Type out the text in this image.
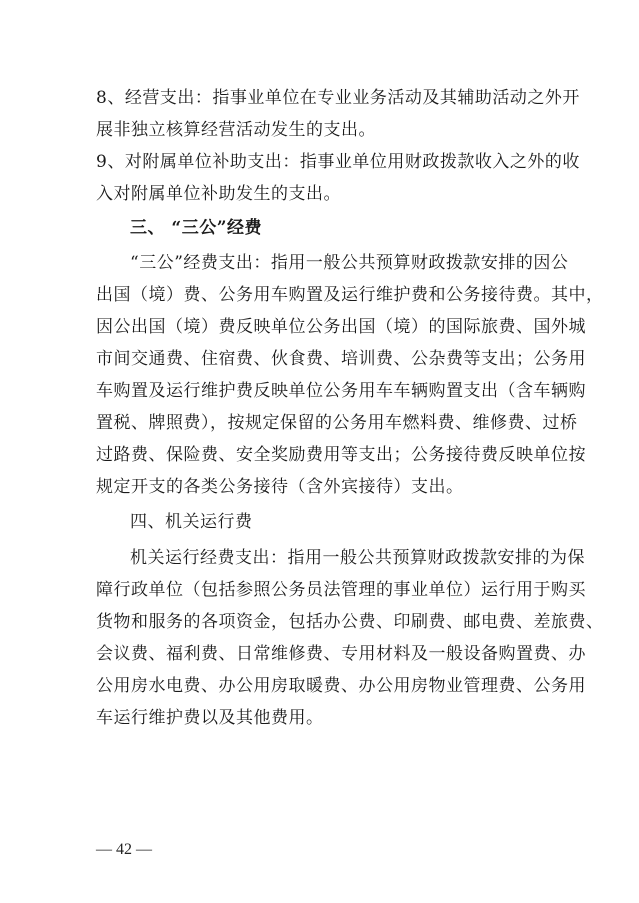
8、经营支出：指事业单位在专业业务活动及其辅助活动之外开
展非独立核算经营活动发生的支出。
9、对附属单位补助支出：指事业单位用财政拨款收入之外的收
入对附属单位补助发生的支出。
三、 “三公”经费
“三公”经费支出：指用一般公共预算财政拨款安排的因公
出国（境）费、公务用车购置及运行维护费和公务接待费。其中，
因公出国（境）费反映单位公务出国（境）的国际旅费、国外城
市间交通费、住宿费、伙食费、培训费、公杂费等支出；公务用
车购置及运行维护费反映单位公务用车车辆购置支出（含车辆购
置税、牌照费），按规定保留的公务用车燃料费、维修费、过桥
过路费、保险费、安全奖励费用等支出；公务接待费反映单位按
规定开支的各类公务接待（含外宾接待）支出。
四、机关运行费
机关运行经费支出：指用一般公共预算财政拨款安排的为保
障行政单位（包括参照公务员法管理的事业单位）运行用于购买
货物和服务的各项资金，包括办公费、印刷费、邮电费、差旅费、
会议费、福利费、日常维修费、专用材料及一般设备购置费、办
公用房水电费、办公用房取暖费、办公用房物业管理费、公务用
车运行维护费以及其他费用。
— 42 —
